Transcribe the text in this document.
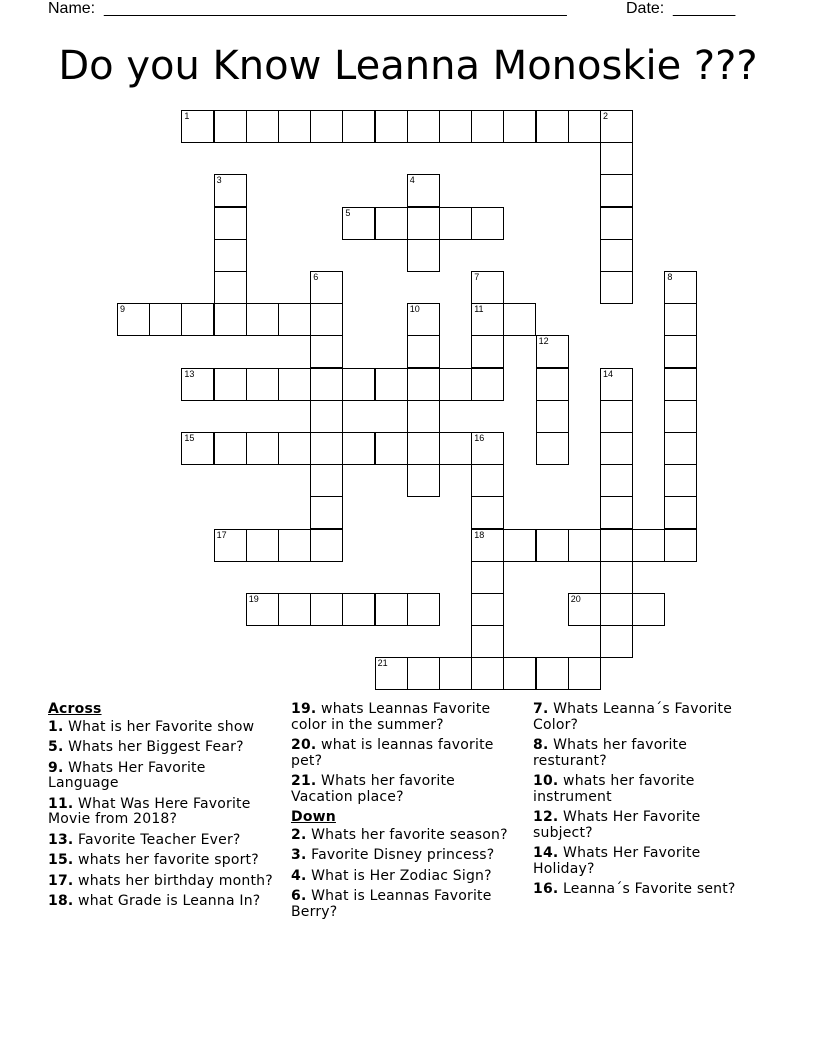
Name: ____________________________________________________	Date: _______
Do you Know Leanna Monoskie ???
1	2
3	4
5
6	7
11
8
9	10
12
13	14
15	16
18
17
19	20
21
Across
1. What is her Favorite show
5. Whats her Biggest Fear?
9. Whats Her Favorite Language
11. What Was Here Favorite Movie from 2018?
13. Favorite Teacher Ever?
15. whats her favorite sport?
17. whats her birthday month?
18. what Grade is Leanna In?
19. whats Leannas Favorite color in the summer?
20. what is leannas favorite pet?
21. Whats her favorite Vacation place?
Down
2. Whats her favorite season?
3. Favorite Disney princess?
4. What is Her Zodiac Sign?
6. What is Leannas Favorite Berry?
7. Whats Leanna´s Favorite Color?
8. Whats her favorite resturant?
10. whats her favorite instrument
12. Whats Her Favorite subject?
14. Whats Her Favorite Holiday?
16. Leanna´s Favorite sent?
